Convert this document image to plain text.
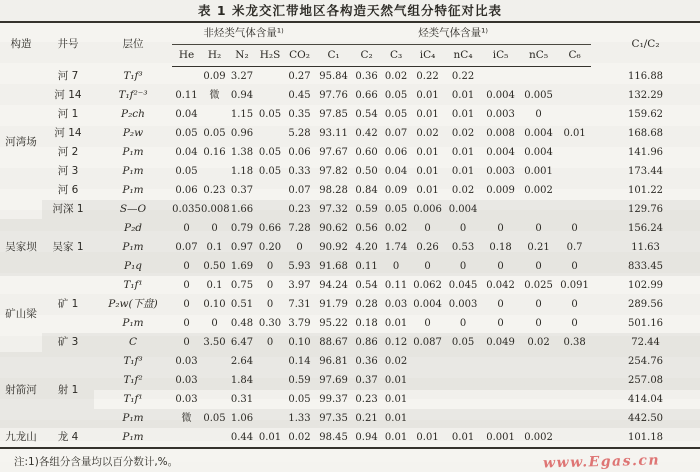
表 1 米龙交汇带地区各构造天然气组分特征对比表
构造	井号	层位	非烃类气体含量¹⁾					烃类气体含量¹⁾								C₁/C₂
			He	H₂	N₂	H₂S	CO₂	C₁	C₂	C₃	iC₄	nC₄	iC₅	nC₅	C₆	
河湾场	河 7	T₁f³		0.09	3.27		0.27	95.84	0.36	0.02	0.22	0.22				116.88
	河 14	T₁f²⁻³	0.11	微	0.94		0.45	97.76	0.66	0.05	0.01	0.01	0.004	0.005		132.29
	河 1	P₂ch	0.04		1.15	0.05	0.35	97.85	0.54	0.05	0.01	0.01	0.003	0		159.62
	河 14	P₂w	0.05	0.05	0.96		5.28	93.11	0.42	0.07	0.02	0.02	0.008	0.004	0.01	168.68
	河 2	P₁m	0.04	0.16	1.38	0.05	0.06	97.67	0.60	0.06	0.01	0.01	0.004	0.004		141.96
	河 3	P₁m	0.05		1.18	0.05	0.33	97.82	0.50	0.04	0.01	0.01	0.003	0.001		173.44
	河 6	P₁m	0.06	0.23	0.37		0.07	98.28	0.84	0.09	0.01	0.02	0.009	0.002		101.22
	河深 1	S—O	0.035	0.008	1.66		0.23	97.32	0.59	0.05	0.006	0.004				129.76
吴家坝	吴家 1	P₂d	0	0	0.79	0.66	7.28	90.62	0.56	0.02	0	0	0	0	0	156.24
		P₁m	0.07	0.1	0.97	0.20	0	90.92	4.20	1.74	0.26	0.53	0.18	0.21	0.7	11.63
		P₁q	0	0.50	1.69	0	5.93	91.68	0.11	0	0	0	0	0	0	833.45
矿山梁	矿 1	T₁f¹	0	0.1	0.75	0	3.97	94.24	0.54	0.11	0.062	0.045	0.042	0.025	0.091	102.99
		P₂w(下盘)	0	0.10	0.51	0	7.31	91.79	0.28	0.03	0.004	0.003	0	0	0	289.56
		P₁m	0	0	0.48	0.30	3.79	95.22	0.18	0.01	0	0	0	0	0	501.16
	矿 3	C	0	3.50	6.47	0	0.10	88.67	0.86	0.12	0.087	0.05	0.049	0.02	0.38	72.44
射箭河	射 1	T₁f³	0.03		2.64		0.14	96.81	0.36	0.02						254.76
		T₁f²	0.03		1.84		0.59	97.69	0.37	0.01						257.08
		T₁f¹	0.03		0.31		0.05	99.37	0.23	0.01						414.04
		P₁m	微	0.05	1.06		1.33	97.35	0.21	0.01						442.50
九龙山	龙 4	P₁m			0.44	0.01	0.02	98.45	0.94	0.01	0.01	0.01	0.001	0.002		101.18
注:1)各组分含量均以百分数计,%。	www.Egas.cn
